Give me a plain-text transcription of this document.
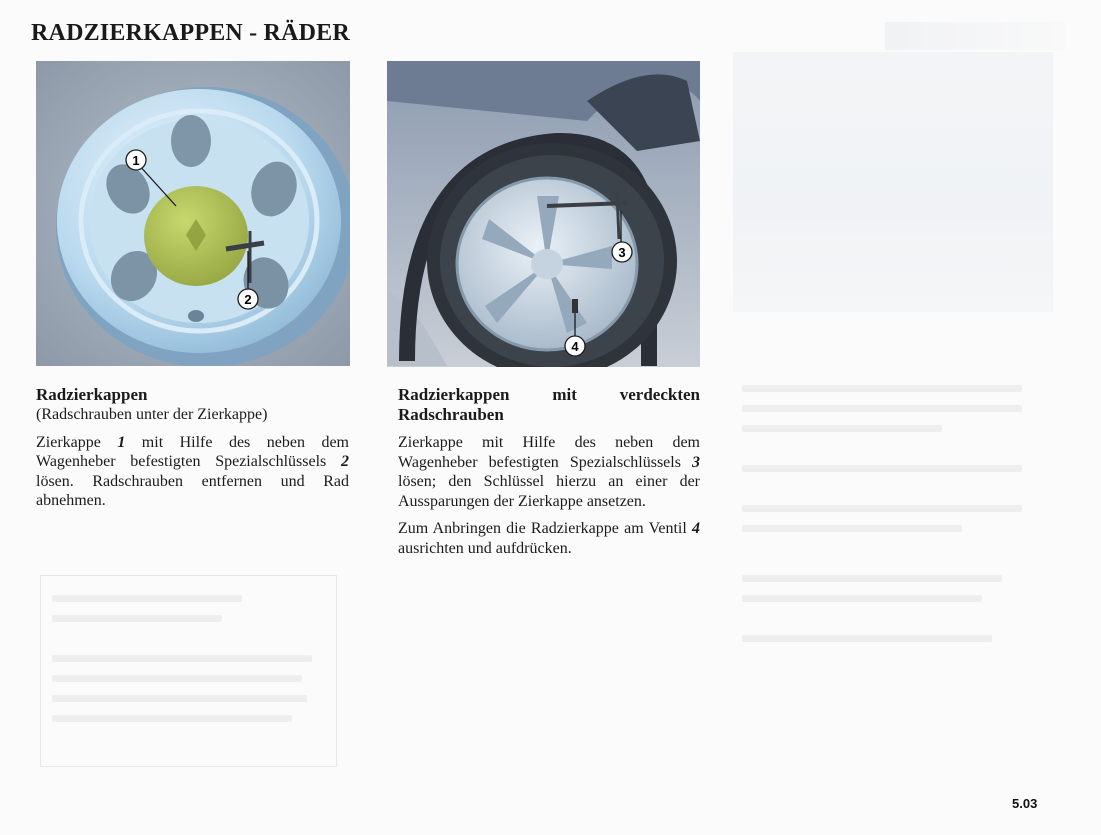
RADZIERKAPPEN - RÄDER
1
2
3
4
Radzierkappen

(Radschrauben unter der Zierkappe)

Zierkappe 1 mit Hilfe des neben dem Wagenheber befestigten Spezialschlüssels 2 lösen. Radschrauben entfernen und Rad abnehmen.

Radzierkappen mit verdeckten Radschrauben

Zierkappe mit Hilfe des neben dem Wagenheber befestigten Spezialschlüssels 3 lösen; den Schlüssel hierzu an einer der Aussparungen der Zierkappe ansetzen.

Zum Anbringen die Radzierkappe am Ventil 4 ausrichten und aufdrücken.

5.03
